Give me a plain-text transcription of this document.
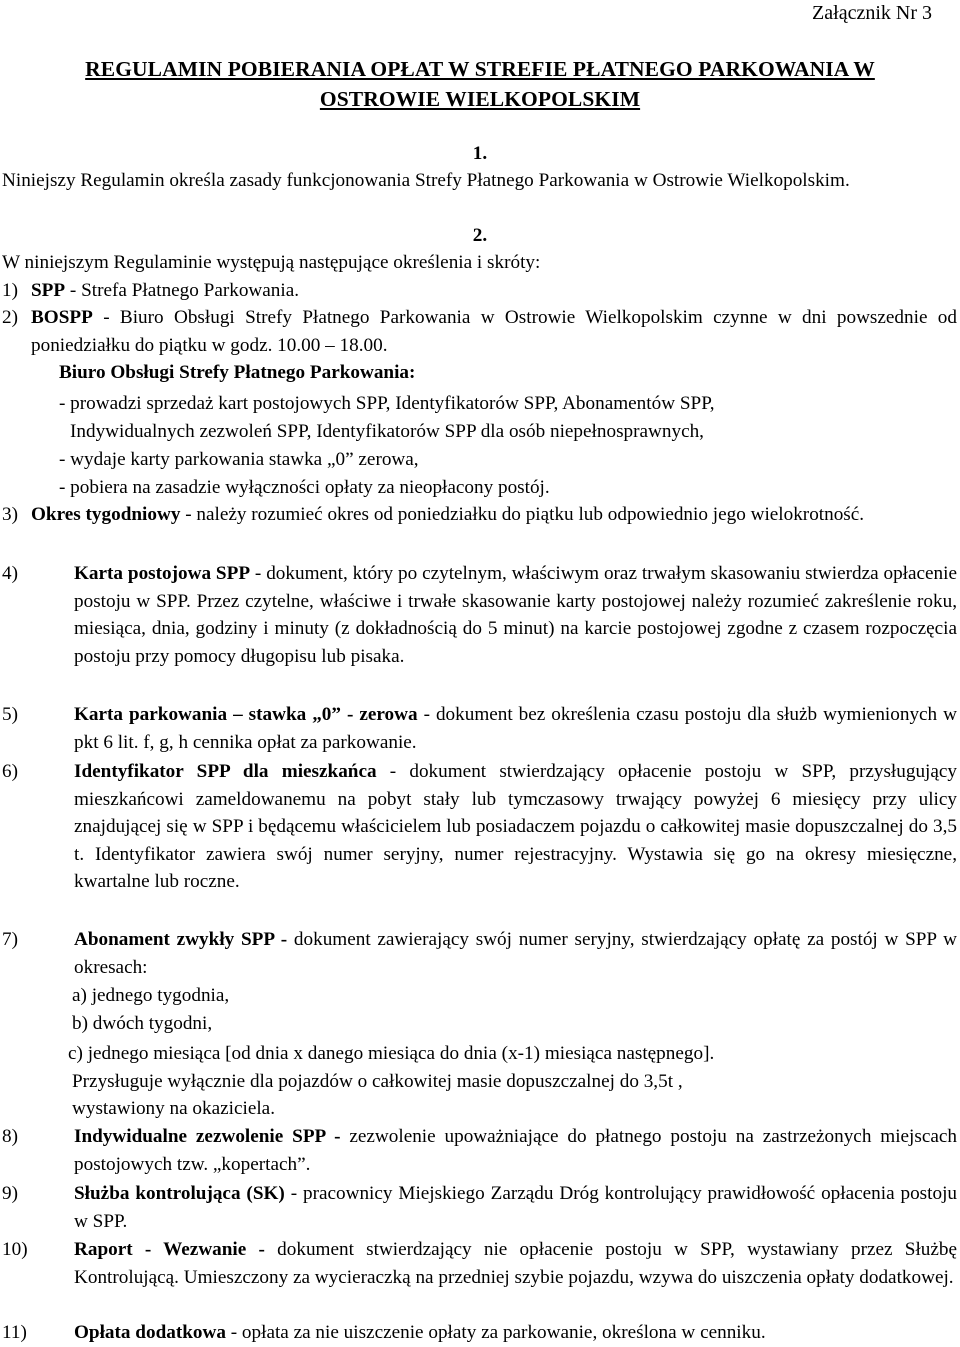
Załącznik Nr 3
REGULAMIN POBIERANIA OPŁAT W STREFIE PŁATNEGO PARKOWANIA W
OSTROWIE WIELKOPOLSKIM
1.
Niniejszy Regulamin określa zasady funkcjonowania Strefy Płatnego Parkowania w Ostrowie Wielkopolskim.
2.
W niniejszym Regulaminie występują następujące określenia i skróty:
1) SPP - Strefa Płatnego Parkowania.
2) BOSPP - Biuro Obsługi Strefy Płatnego Parkowania w Ostrowie Wielkopolskim czynne w dni powszednie od poniedziałku do piątku w godz. 10.00 – 18.00.
Biuro Obsługi Strefy Płatnego Parkowania:
- prowadzi sprzedaż kart postojowych SPP, Identyfikatorów SPP, Abonamentów SPP,
Indywidualnych zezwoleń SPP, Identyfikatorów SPP dla osób niepełnosprawnych,
- wydaje karty parkowania stawka „0” zerowa,
- pobiera na zasadzie wyłączności opłaty za nieopłacony postój.
3) Okres tygodniowy - należy rozumieć okres od poniedziałku do piątku lub odpowiednio jego wielokrotność.
4)	Karta postojowa SPP - dokument, który po czytelnym, właściwym oraz trwałym skasowaniu stwierdza opłacenie postoju w SPP. Przez czytelne, właściwe i trwałe skasowanie karty postojowej należy rozumieć zakreślenie roku, miesiąca, dnia, godziny i minuty (z dokładnością do 5 minut) na karcie postojowej zgodne z czasem rozpoczęcia postoju przy pomocy długopisu lub pisaka.
5)	Karta parkowania – stawka „0” - zerowa - dokument bez określenia czasu postoju dla służb wymienionych w pkt 6 lit. f, g, h cennika opłat za parkowanie.
6)	Identyfikator SPP dla mieszkańca - dokument stwierdzający opłacenie postoju w SPP, przysługujący mieszkańcowi zameldowanemu na pobyt stały lub tymczasowy trwający powyżej 6 miesięcy przy ulicy znajdującej się w SPP i będącemu właścicielem lub posiadaczem pojazdu o całkowitej masie dopuszczalnej do 3,5 t. Identyfikator zawiera swój numer seryjny, numer rejestracyjny. Wystawia się go na okresy miesięczne, kwartalne lub roczne.
7)	Abonament zwykły SPP - dokument zawierający swój numer seryjny, stwierdzający opłatę za postój w SPP w okresach:
a) jednego tygodnia,
b) dwóch tygodni,
c) jednego miesiąca [od dnia x danego miesiąca do dnia (x-1) miesiąca następnego].
Przysługuje wyłącznie dla pojazdów o całkowitej masie dopuszczalnej do 3,5t ,
wystawiony na okaziciela.
8)	Indywidualne zezwolenie SPP - zezwolenie upoważniające do płatnego postoju na zastrzeżonych miejscach postojowych tzw. „kopertach”.
9)	Służba kontrolująca (SK) - pracownicy Miejskiego Zarządu Dróg kontrolujący prawidłowość opłacenia postoju w SPP.
10) Raport - Wezwanie - dokument stwierdzający nie opłacenie postoju w SPP, wystawiany przez Służbę Kontrolującą. Umieszczony za wycieraczką na przedniej szybie pojazdu, wzywa do uiszczenia opłaty dodatkowej.
11) Opłata dodatkowa - opłata za nie uiszczenie opłaty za parkowanie, określona w cenniku.
